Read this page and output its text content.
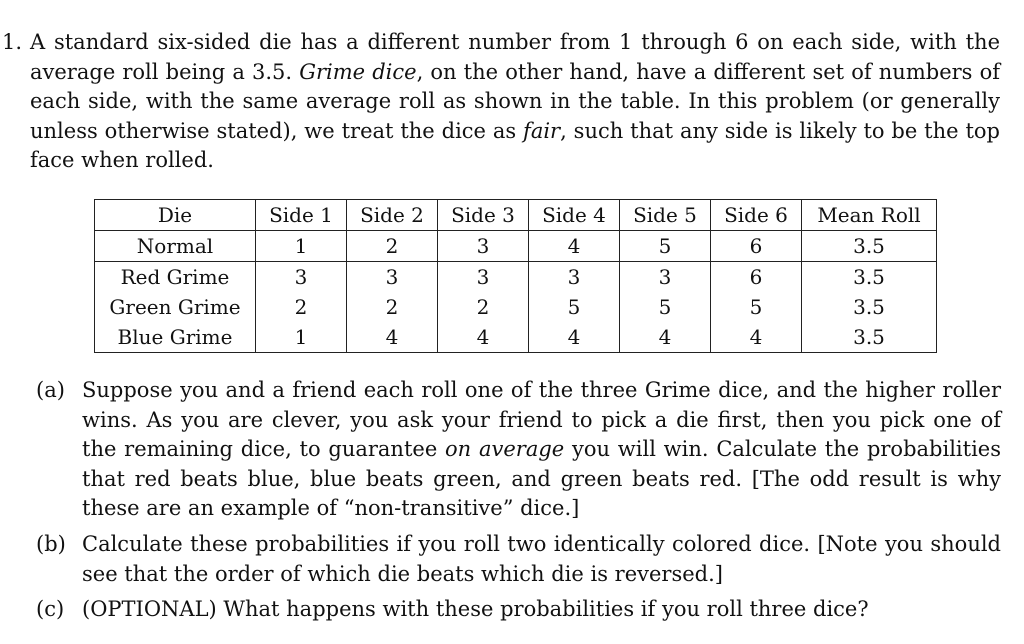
1. A standard six-sided die has a different number from 1 through 6 on each side, with the average roll being a 3.5. Grime dice, on the other hand, have a different set of numbers of each side, with the same average roll as shown in the table. In this problem (or generally unless otherwise stated), we treat the dice as fair, such that any side is likely to be the top face when rolled.
Die	Side 1	Side 2	Side 3	Side 4	Side 5	Side 6	Mean Roll
Normal	1	2	3	4	5	6	3.5
Red Grime	3	3	3	3	3	6	3.5
Green Grime	2	2	2	5	5	5	3.5
Blue Grime	1	4	4	4	4	4	3.5
(a) Suppose you and a friend each roll one of the three Grime dice, and the higher roller wins. As you are clever, you ask your friend to pick a die first, then you pick one of the remaining dice, to guarantee on average you will win. Calculate the probabilities that red beats blue, blue beats green, and green beats red. [The odd result is why these are an example of “non-transitive” dice.]
(b) Calculate these probabilities if you roll two identically colored dice. [Note you should see that the order of which die beats which die is reversed.]
(c) (OPTIONAL) What happens with these probabilities if you roll three dice?
